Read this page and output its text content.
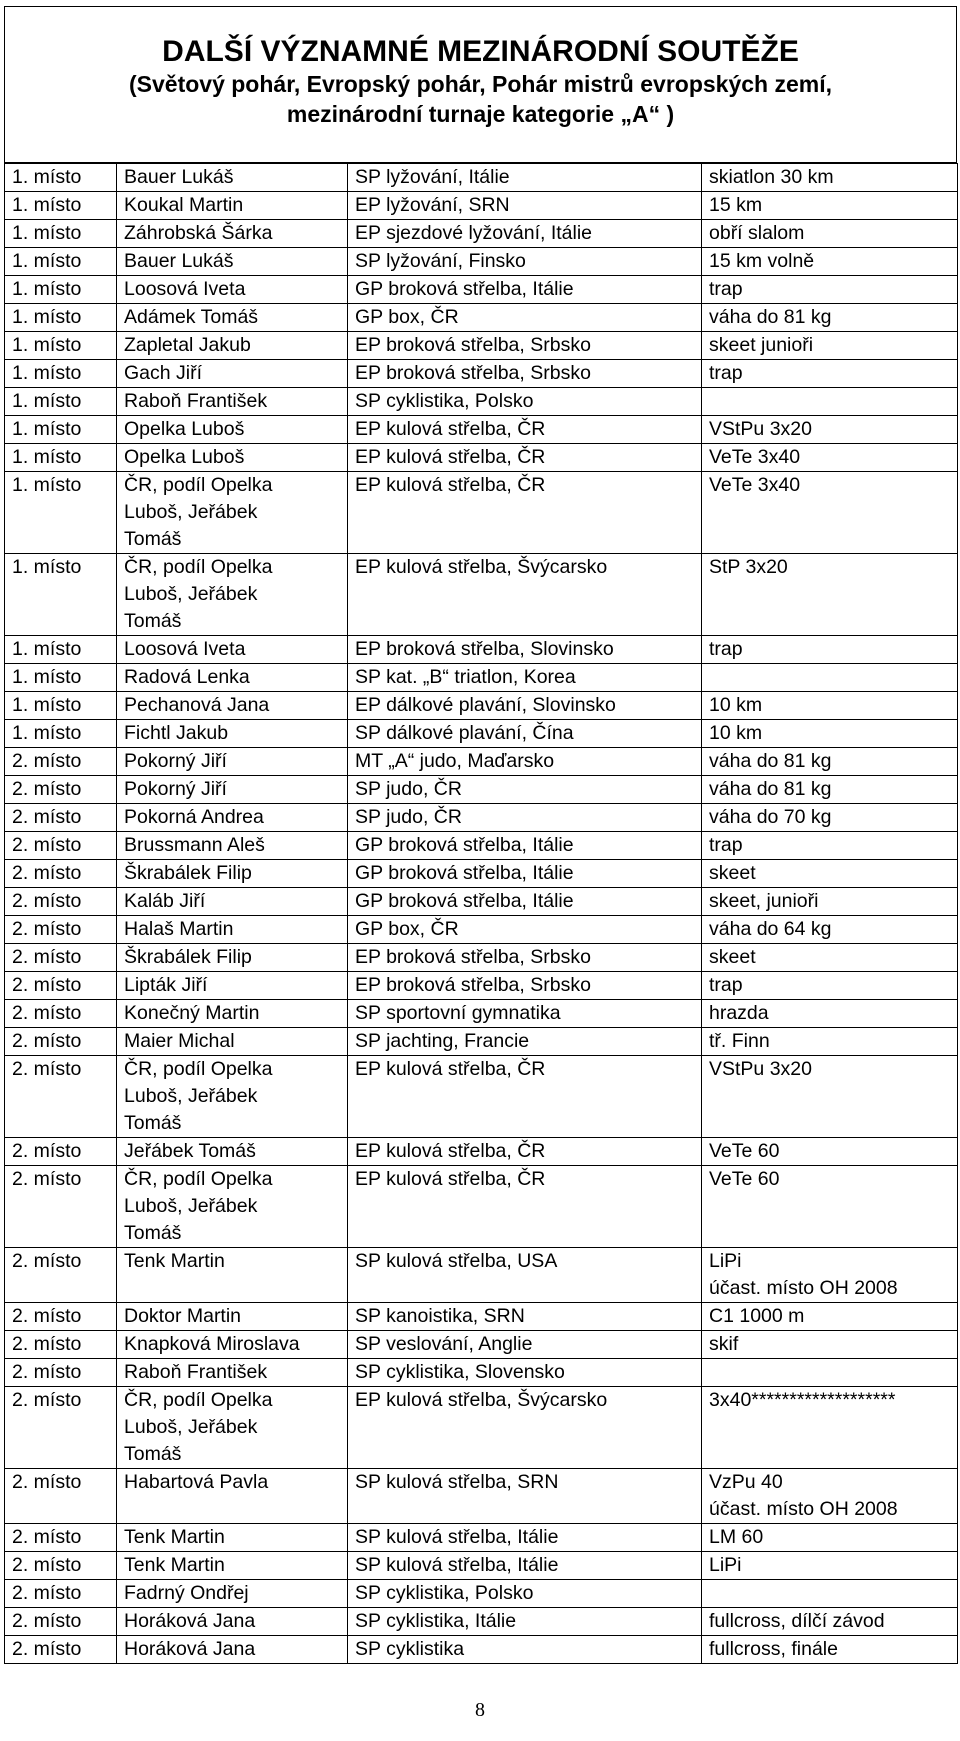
DALŠÍ VÝZNAMNÉ MEZINÁRODNÍ SOUTĚŽE
(Světový pohár, Evropský pohár, Pohár mistrů evropských zemí,
mezinárodní turnaje kategorie „A“ )
1. místo	Bauer Lukáš	SP lyžování, Itálie	skiatlon 30 km
1. místo	Koukal Martin	EP lyžování, SRN	15 km
1. místo	Záhrobská Šárka	EP sjezdové lyžování, Itálie	obří slalom
1. místo	Bauer Lukáš	SP lyžování, Finsko	15 km volně
1. místo	Loosová Iveta	GP broková střelba, Itálie	trap
1. místo	Adámek Tomáš	GP box, ČR	váha do 81 kg
1. místo	Zapletal Jakub	EP broková střelba, Srbsko	skeet junioři
1. místo	Gach Jiří	EP broková střelba, Srbsko	trap
1. místo	Raboň František	SP cyklistika, Polsko	
1. místo	Opelka Luboš	EP kulová střelba, ČR	VStPu 3x20
1. místo	Opelka Luboš	EP kulová střelba, ČR	VeTe 3x40
1. místo	ČR, podíl Opelka
Luboš, Jeřábek
Tomáš	EP kulová střelba, ČR	VeTe 3x40
1. místo	ČR, podíl Opelka
Luboš, Jeřábek
Tomáš	EP kulová střelba, Švýcarsko	StP 3x20
1. místo	Loosová Iveta	EP broková střelba, Slovinsko	trap
1. místo	Radová Lenka	SP kat. „B“ triatlon, Korea	
1. místo	Pechanová Jana	EP dálkové plavání, Slovinsko	10 km
1. místo	Fichtl Jakub	SP dálkové plavání, Čína	10 km
2. místo	Pokorný Jiří	MT „A“ judo, Maďarsko	váha do 81 kg
2. místo	Pokorný Jiří	SP judo, ČR	váha do 81 kg
2. místo	Pokorná Andrea	SP judo, ČR	váha do 70 kg
2. místo	Brussmann Aleš	GP broková střelba, Itálie	trap
2. místo	Škrabálek Filip	GP broková střelba, Itálie	skeet
2. místo	Kaláb Jiří	GP broková střelba, Itálie	skeet, junioři
2. místo	Halaš Martin	GP box, ČR	váha do 64 kg
2. místo	Škrabálek Filip	EP broková střelba, Srbsko	skeet
2. místo	Lipták Jiří	EP broková střelba, Srbsko	trap
2. místo	Konečný Martin	SP sportovní gymnatika	hrazda
2. místo	Maier Michal	SP jachting, Francie	tř. Finn
2. místo	ČR, podíl Opelka
Luboš, Jeřábek
Tomáš	EP kulová střelba, ČR	VStPu 3x20
2. místo	Jeřábek Tomáš	EP kulová střelba, ČR	VeTe 60
2. místo	ČR, podíl Opelka
Luboš, Jeřábek
Tomáš	EP kulová střelba, ČR	VeTe 60
2. místo	Tenk Martin	SP kulová střelba, USA	LiPi
účast. místo OH 2008
2. místo	Doktor Martin	SP kanoistika, SRN	C1 1000 m
2. místo	Knapková Miroslava	SP veslování, Anglie	skif
2. místo	Raboň František	SP cyklistika, Slovensko	
2. místo	ČR, podíl Opelka
Luboš, Jeřábek
Tomáš	EP kulová střelba, Švýcarsko	3x40*******************
2. místo	Habartová Pavla	SP kulová střelba, SRN	VzPu 40
účast. místo OH 2008
2. místo	Tenk Martin	SP kulová střelba, Itálie	LM 60
2. místo	Tenk Martin	SP kulová střelba, Itálie	LiPi
2. místo	Fadrný Ondřej	SP cyklistika, Polsko	
2. místo	Horáková Jana	SP cyklistika, Itálie	fullcross, dílčí závod
2. místo	Horáková Jana	SP cyklistika	fullcross, finále
8
